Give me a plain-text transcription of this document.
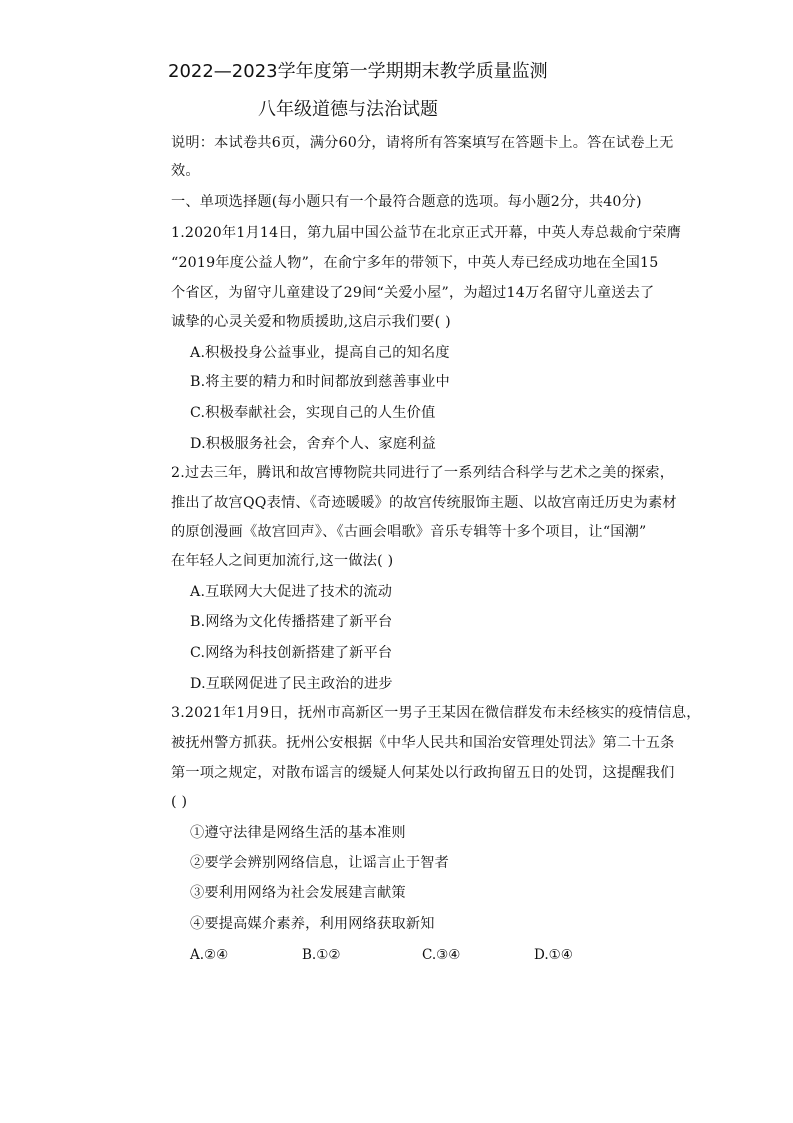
2022—2023学年度第一学期期末教学质量监测
八年级道德与法治试题
说明：本试卷共6页，满分60分，请将所有答案填写在答题卡上。答在试卷上无
效。
一、单项选择题(每小题只有一个最符合题意的选项。每小题2分，共40分)
1.2020年1月14日，第九届中国公益节在北京正式开幕，中英人寿总裁俞宁荣膺
“2019年度公益人物”，在俞宁多年的带领下，中英人寿已经成功地在全国15
个省区，为留守儿童建设了29间“关爱小屋”，为超过14万名留守儿童送去了
诚挚的心灵关爱和物质援助,这启示我们要( )
A.积极投身公益事业，提高自己的知名度
B.将主要的精力和时间都放到慈善事业中
C.积极奉献社会，实现自己的人生价值
D.积极服务社会，舍弃个人、家庭利益
2.过去三年，腾讯和故宫博物院共同进行了一系列结合科学与艺术之美的探索，
推出了故宫QQ表情、《奇迹暖暖》的故宫传统服饰主题、以故宫南迁历史为素材
的原创漫画《故宫回声》、《古画会唱歌》音乐专辑等十多个项目，让“国潮”
在年轻人之间更加流行,这一做法( )
A.互联网大大促进了技术的流动
B.网络为文化传播搭建了新平台
C.网络为科技创新搭建了新平台
D.互联网促进了民主政治的进步
3.2021年1月9日，抚州市高新区一男子王某因在微信群发布未经核实的疫情信息，
被抚州警方抓获。抚州公安根据《中华人民共和国治安管理处罚法》第二十五条
第一项之规定，对散布谣言的缓疑人何某处以行政拘留五日的处罚，这提醒我们
( )
①遵守法律是网络生活的基本准则
②要学会辨别网络信息，让谣言止于智者
③要利用网络为社会发展建言献策
④要提高媒介素养，利用网络获取新知
A.②④	B.①②	C.③④	D.①④
